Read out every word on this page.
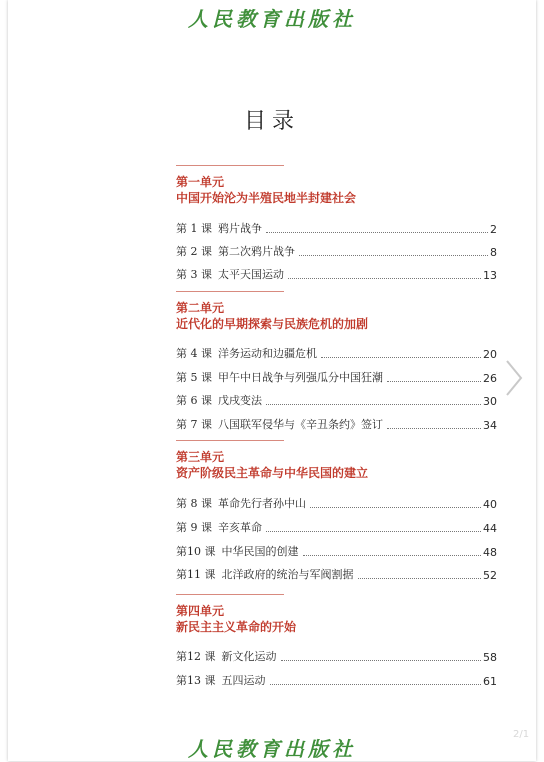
人民教育出版社
目录
第一单元
中国开始沦为半殖民地半封建社会
第 1 课 鸦片战争	2
第 2 课 第二次鸦片战争	8
第 3 课 太平天国运动	13
第二单元
近代化的早期探索与民族危机的加剧
第 4 课 洋务运动和边疆危机	20
第 5 课 甲午中日战争与列强瓜分中国狂潮	26
第 6 课 戊戌变法	30
第 7 课 八国联军侵华与《辛丑条约》签订	34
第三单元
资产阶级民主革命与中华民国的建立
第 8 课 革命先行者孙中山	40
第 9 课 辛亥革命	44
第10 课 中华民国的创建	48
第11 课 北洋政府的统治与军阀割据	52
第四单元
新民主主义革命的开始
第12 课 新文化运动	58
第13 课 五四运动	61
人民教育出版社
2/1
